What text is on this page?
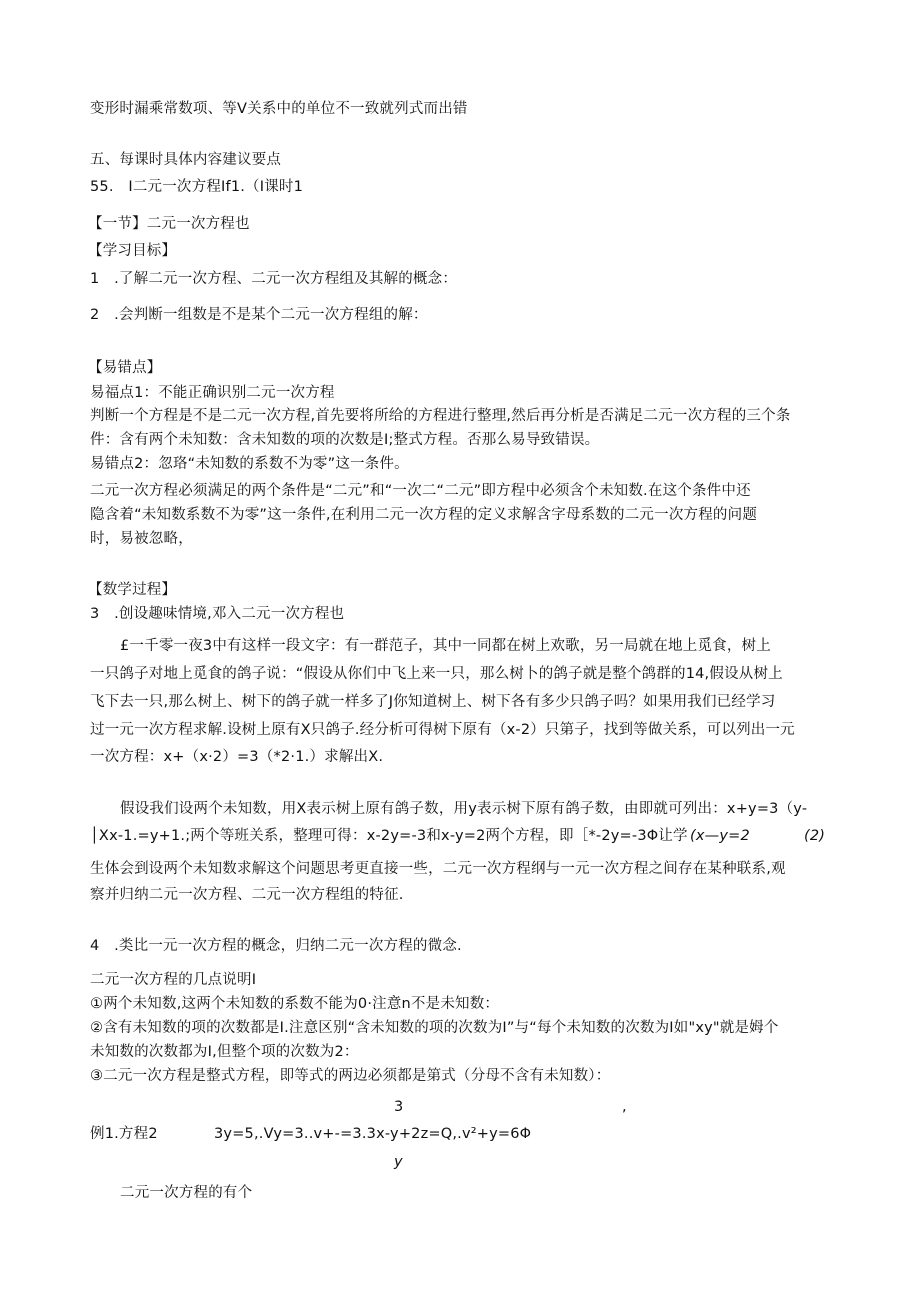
变形时漏乘常数项、等V关系中的单位不一致就列式而出错
五、每课时具体内容建议要点
55.　I二元一次方程If1.（I课时1
【一节】二元一次方程也
【学习目标】
1　.了解二元一次方程、二元一次方程组及其解的概念：
2　.会判断一组数是不是某个二元一次方程组的解：
【易错点】
易福点1：不能正确识别二元一次方程
判断一个方程是不是二元一次方程,首先要将所给的方程进行整理,然后再分析是否满足二元一次方程的三个条
件：含有两个未知数：含未知数的项的次数是I;整式方程。否那么易导致错误。
易错点2：忽珞“未知数的系数不为零”这一条件。
二元一次方程必须满足的两个条件是“二元”和“一次二“二元”即方程中必须含个未知数.在这个条件中还
隐含着“未知数系数不为零”这一条件,在利用二元一次方程的定义求解含字母系数的二元一次方程的问题
时，易被忽略，
【数学过程】
3　.创设趣味情境,邓入二元一次方程也
£一千零一夜3中有这样一段文字：有一群范子，其中一同都在树上欢歌，另一局就在地上觅食，树上
一只鸽子对地上觅食的鸽子说：“假设从你们中飞上来一只，那么树卜的鸽子就是整个鸽群的14,假设从树上
飞下去一只,那么树上、树下的鸽子就一样多了J你知道树上、树下各有多少只鸽子吗？如果用我们已经学习
过一元一次方程求解.设树上原有X只鸽子.经分析可得树下原有（x-2）只第子，找到等做关系，可以列出一元
一次方程：x+（x·2）=3（*2·1.）求解出X.
假设我们设两个未知数，用X表示树上原有鸽子数，用y表示树下原有鸽子数，由即就可列出：x+y=3（y-
│Xx-1.=y+1.;两个等班关系，整理可得：x-2y=-3和x-y=2两个方程，即［*-2y=-3Φ让学 (x—y=2	(2)
生体会到设两个未知数求解这个问题思考更直接一些，二元一次方程纲与一元一次方程之间存在某种联系,观
察并归纳二元一次方程、二元一次方程组的特征.
4　.类比一元一次方程的概念，归纳二元一次方程的微念.
二元一次方程的几点说明I
①两个未知数,这两个未知数的系数不能为0·注意n不是未知数：
②含有未知数的项的次数都是I.注意区别“含未知数的项的次数为I”与“每个未知数的次数为I如"xy"就是姆个
未知数的次数都为I,但整个项的次数为2：
③二元一次方程是整式方程，即等式的两边必须都是第式（分母不含有未知数）：
3	,
例1.方程2	3y=5,.Vy=3..v+-=3.3x-y+2z=Q,.v²+y=6Φ
y
二元一次方程的有个
